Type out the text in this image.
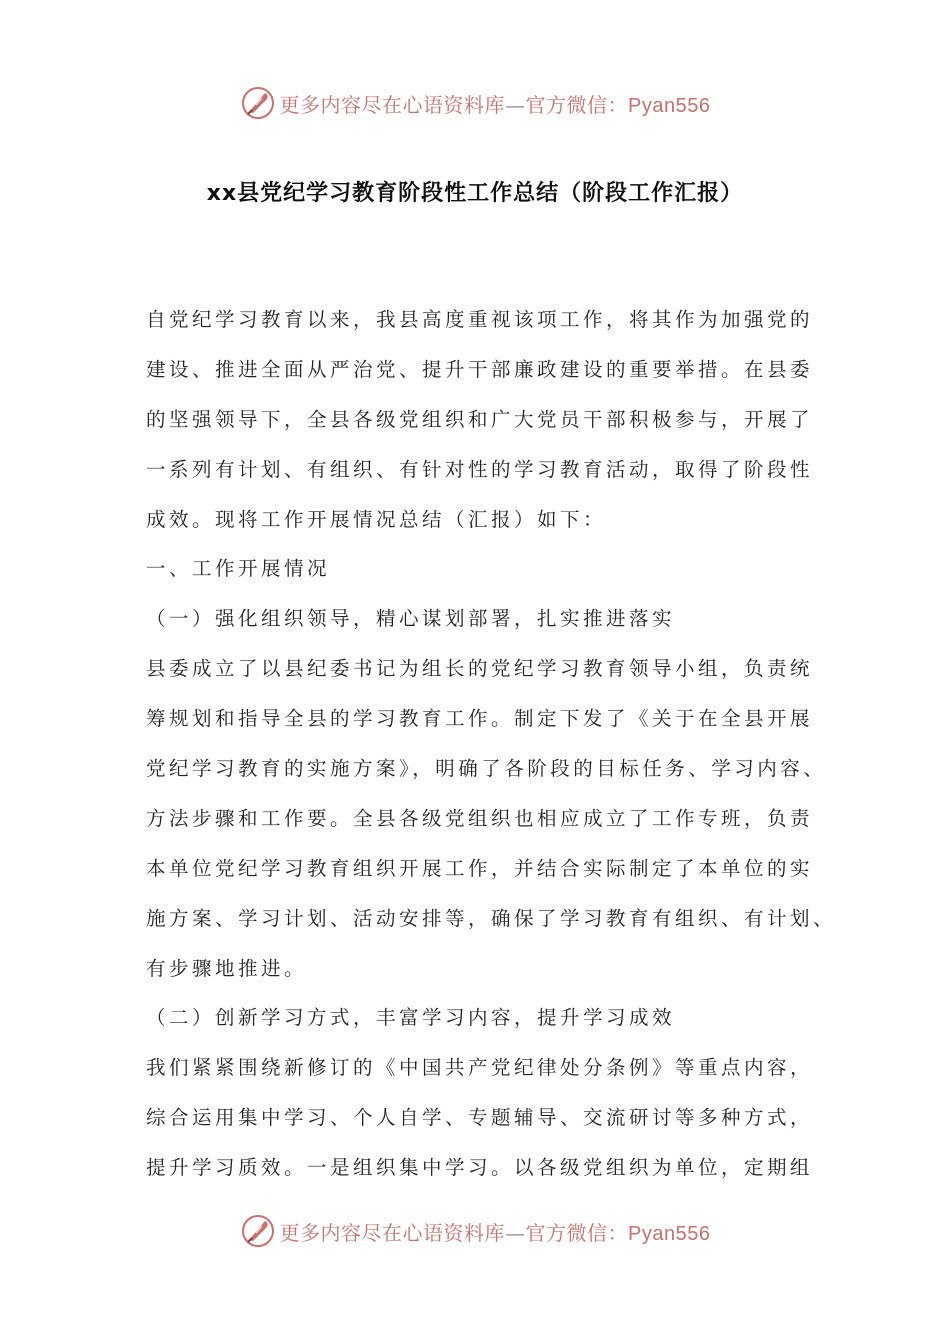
更多内容尽在心语资料库—官方微信：Pyan556
xx县党纪学习教育阶段性工作总结（阶段工作汇报）
自党纪学习教育以来，我县高度重视该项工作，将其作为加强党的
建设、推进全面从严治党、提升干部廉政建设的重要举措。在县委
的坚强领导下，全县各级党组织和广大党员干部积极参与，开展了
一系列有计划、有组织、有针对性的学习教育活动，取得了阶段性
成效。现将工作开展情况总结（汇报）如下：
一、工作开展情况
（一）强化组织领导，精心谋划部署，扎实推进落实
县委成立了以县纪委书记为组长的党纪学习教育领导小组，负责统
筹规划和指导全县的学习教育工作。制定下发了《关于在全县开展
党纪学习教育的实施方案》，明确了各阶段的目标任务、学习内容、
方法步骤和工作要。全县各级党组织也相应成立了工作专班，负责
本单位党纪学习教育组织开展工作，并结合实际制定了本单位的实
施方案、学习计划、活动安排等，确保了学习教育有组织、有计划、
有步骤地推进。
（二）创新学习方式，丰富学习内容，提升学习成效
我们紧紧围绕新修订的《中国共产党纪律处分条例》等重点内容，
综合运用集中学习、个人自学、专题辅导、交流研讨等多种方式，
提升学习质效。一是组织集中学习。以各级党组织为单位，定期组
更多内容尽在心语资料库—官方微信：Pyan556
